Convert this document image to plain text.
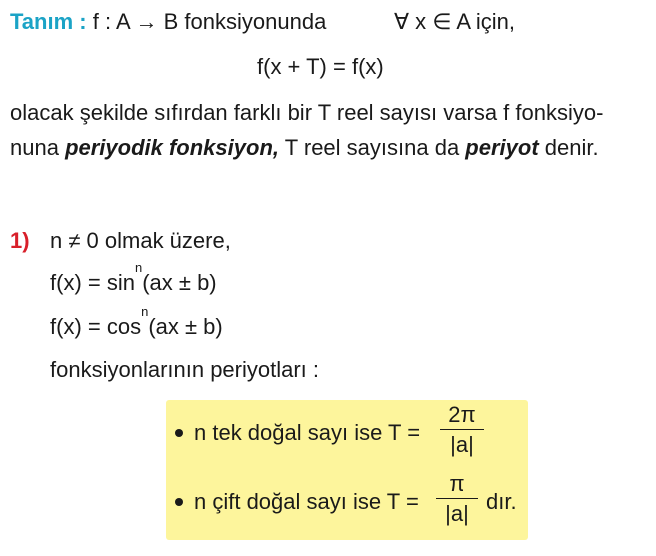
Tanım : f : A → B fonksiyonunda	∀ x ∈ A için,
f(x + T) = f(x)
olacak şekilde sıfırdan farklı bir T reel sayısı varsa f fonksiyo-
nuna periyodik fonksiyon, T reel sayısına da periyot denir.
1) n ≠ 0 olmak üzere,
$f(x) = \sin^n(ax \pm b)$
$f(x) = \cos^n(ax \pm b)$
fonksiyonlarının periyotları :
n tek doğal sayı ise T =
2π
|a|
n çift doğal sayı ise T =
π
|a| dır.
